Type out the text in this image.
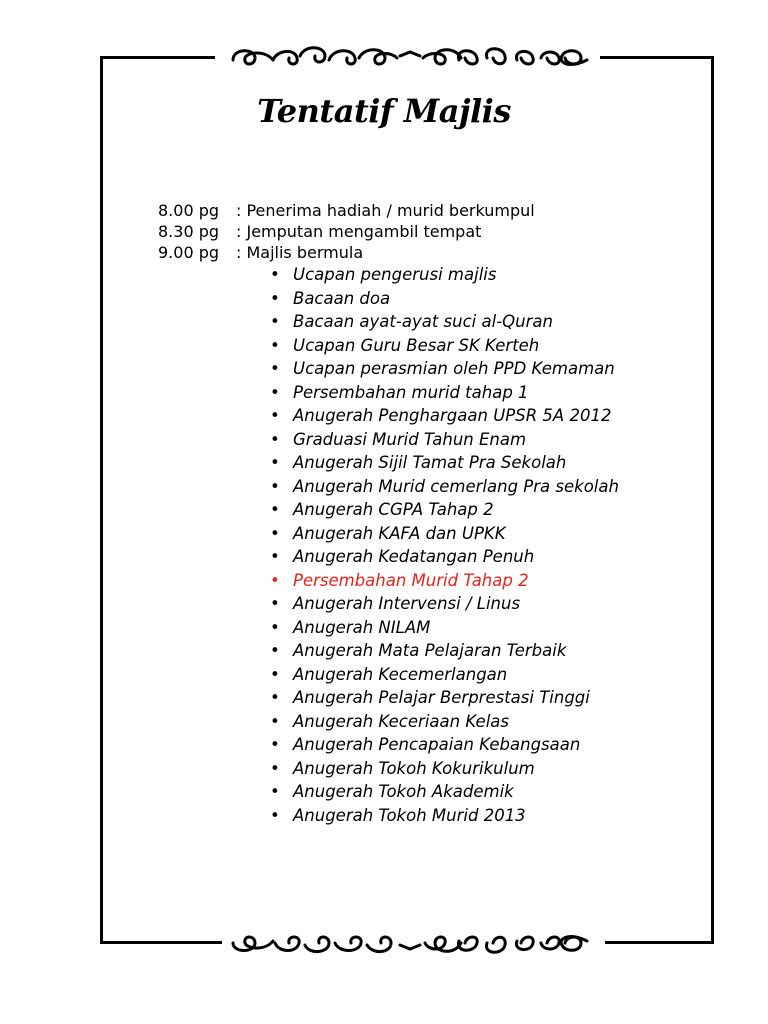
Tentatif Majlis
8.00 pg	: Penerima hadiah / murid berkumpul
8.30 pg	: Jemputan mengambil tempat
9.00 pg	: Majlis bermula
• Ucapan pengerusi majlis
• Bacaan doa
• Bacaan ayat-ayat suci al-Quran
• Ucapan Guru Besar SK Kerteh
• Ucapan perasmian oleh PPD Kemaman
• Persembahan murid tahap 1
• Anugerah Penghargaan UPSR 5A 2012
• Graduasi Murid Tahun Enam
• Anugerah Sijil Tamat Pra Sekolah
• Anugerah Murid cemerlang Pra sekolah
• Anugerah CGPA Tahap 2
• Anugerah KAFA dan UPKK
• Anugerah Kedatangan Penuh
• Persembahan Murid Tahap 2
• Anugerah Intervensi / Linus
• Anugerah NILAM
• Anugerah Mata Pelajaran Terbaik
• Anugerah Kecemerlangan
• Anugerah Pelajar Berprestasi Tinggi
• Anugerah Keceriaan Kelas
• Anugerah Pencapaian Kebangsaan
• Anugerah Tokoh Kokurikulum
• Anugerah Tokoh Akademik
• Anugerah Tokoh Murid 2013
